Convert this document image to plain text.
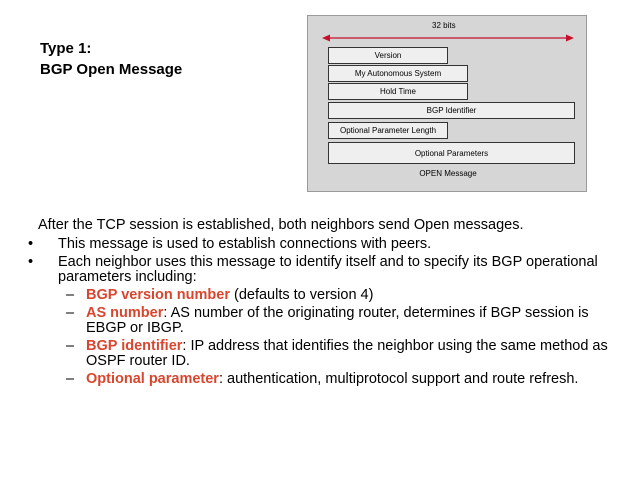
Type 1:
BGP Open Message
32 bits
Version
My Autonomous System
Hold Time
BGP Identifier
Optional Parameter Length
Optional Parameters
OPEN Message
After the TCP session is established, both neighbors send Open messages.
• This message is used to establish connections with peers.
• Each neighbor uses this message to identify itself and to specify its BGP operational parameters including:
– BGP version number (defaults to version 4)
– AS number: AS number of the originating router, determines if BGP session is EBGP or IBGP.
– BGP identifier: IP address that identifies the neighbor using the same method as OSPF router ID.
– Optional parameter: authentication, multiprotocol support and route refresh.
